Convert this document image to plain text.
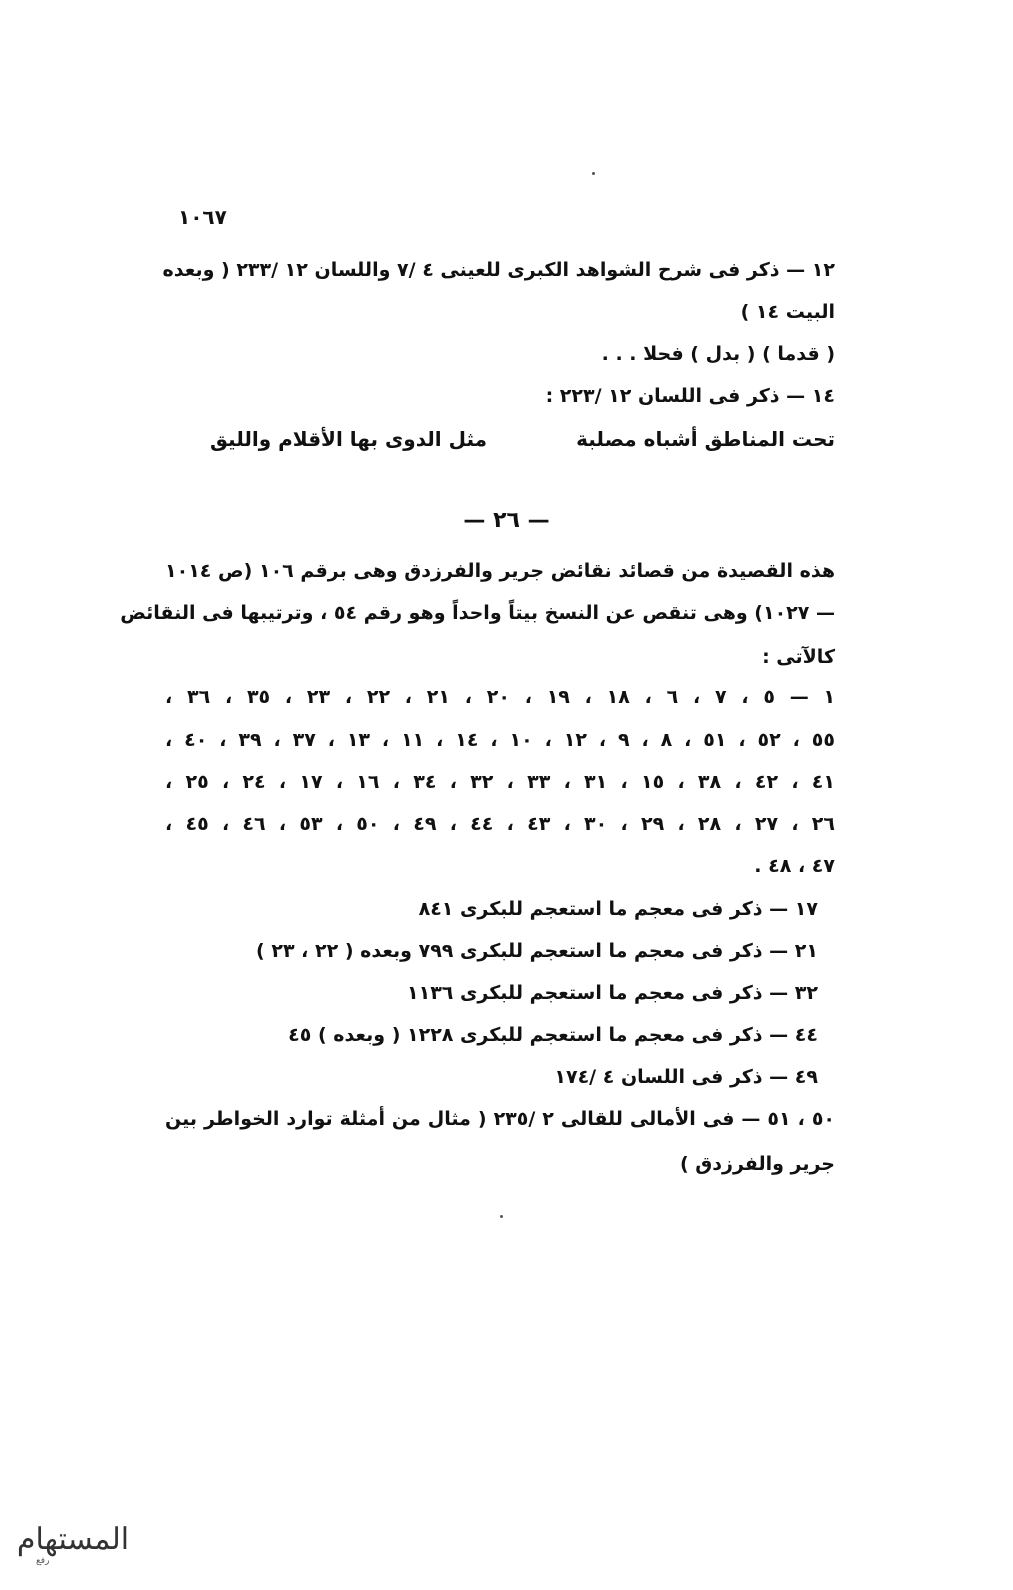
١٠٦٧
١٢ — ذكر فى شرح الشواهد الكبرى للعينى ٤ /٧ واللسان ١٢ /٢٣٣ ( وبعده
البيت ١٤ )
( قدما ) ( بدل ) فحلا . . .
١٤ — ذكر فى اللسان ١٢ /٢٢٣ :
تحت المناطق أشباه مصلبة
مثل الدوى بها الأقلام والليق
— ٢٦ —
هذه القصيدة من قصائد نقائض جرير والفرزدق وهى برقم ١٠٦ (ص ١٠١٤
— ١٠٢٧) وهى تنقص عن النسخ بيتاً واحداً وهو رقم ٥٤ ، وترتيبها فى النقائض
كالآتى :
١ — ٥ ، ٧ ، ٦ ، ١٨ ، ١٩ ، ٢٠ ، ٢١ ، ٢٢ ، ٢٣ ، ٣٥ ، ٣٦ ،
٥٥ ، ٥٢ ، ٥١ ، ٨ ، ٩ ، ١٢ ، ١٠ ، ١٤ ، ١١ ، ١٣ ، ٣٧ ، ٣٩ ، ٤٠ ،
٤١ ، ٤٢ ، ٣٨ ، ١٥ ، ٣١ ، ٣٣ ، ٣٢ ، ٣٤ ، ١٦ ، ١٧ ، ٢٤ ، ٢٥ ،
٢٦ ، ٢٧ ، ٢٨ ، ٢٩ ، ٣٠ ، ٤٣ ، ٤٤ ، ٤٩ ، ٥٠ ، ٥٣ ، ٤٦ ، ٤٥ ،
٤٧ ، ٤٨ .
١٧ — ذكر فى معجم ما استعجم للبكرى ٨٤١
٢١ — ذكر فى معجم ما استعجم للبكرى ٧٩٩ وبعده ( ٢٢ ، ٢٣ )
٣٢ — ذكر فى معجم ما استعجم للبكرى ١١٣٦
٤٤ — ذكر فى معجم ما استعجم للبكرى ١٢٢٨ ( وبعده ) ٤٥
٤٩ — ذكر فى اللسان ٤ /١٧٤
٥٠ ، ٥١ — فى الأمالى للقالى ٢ /٢٣٥ ( مثال من أمثلة توارد الخواطر بين
جرير والفرزدق )
المستهام
رفع
